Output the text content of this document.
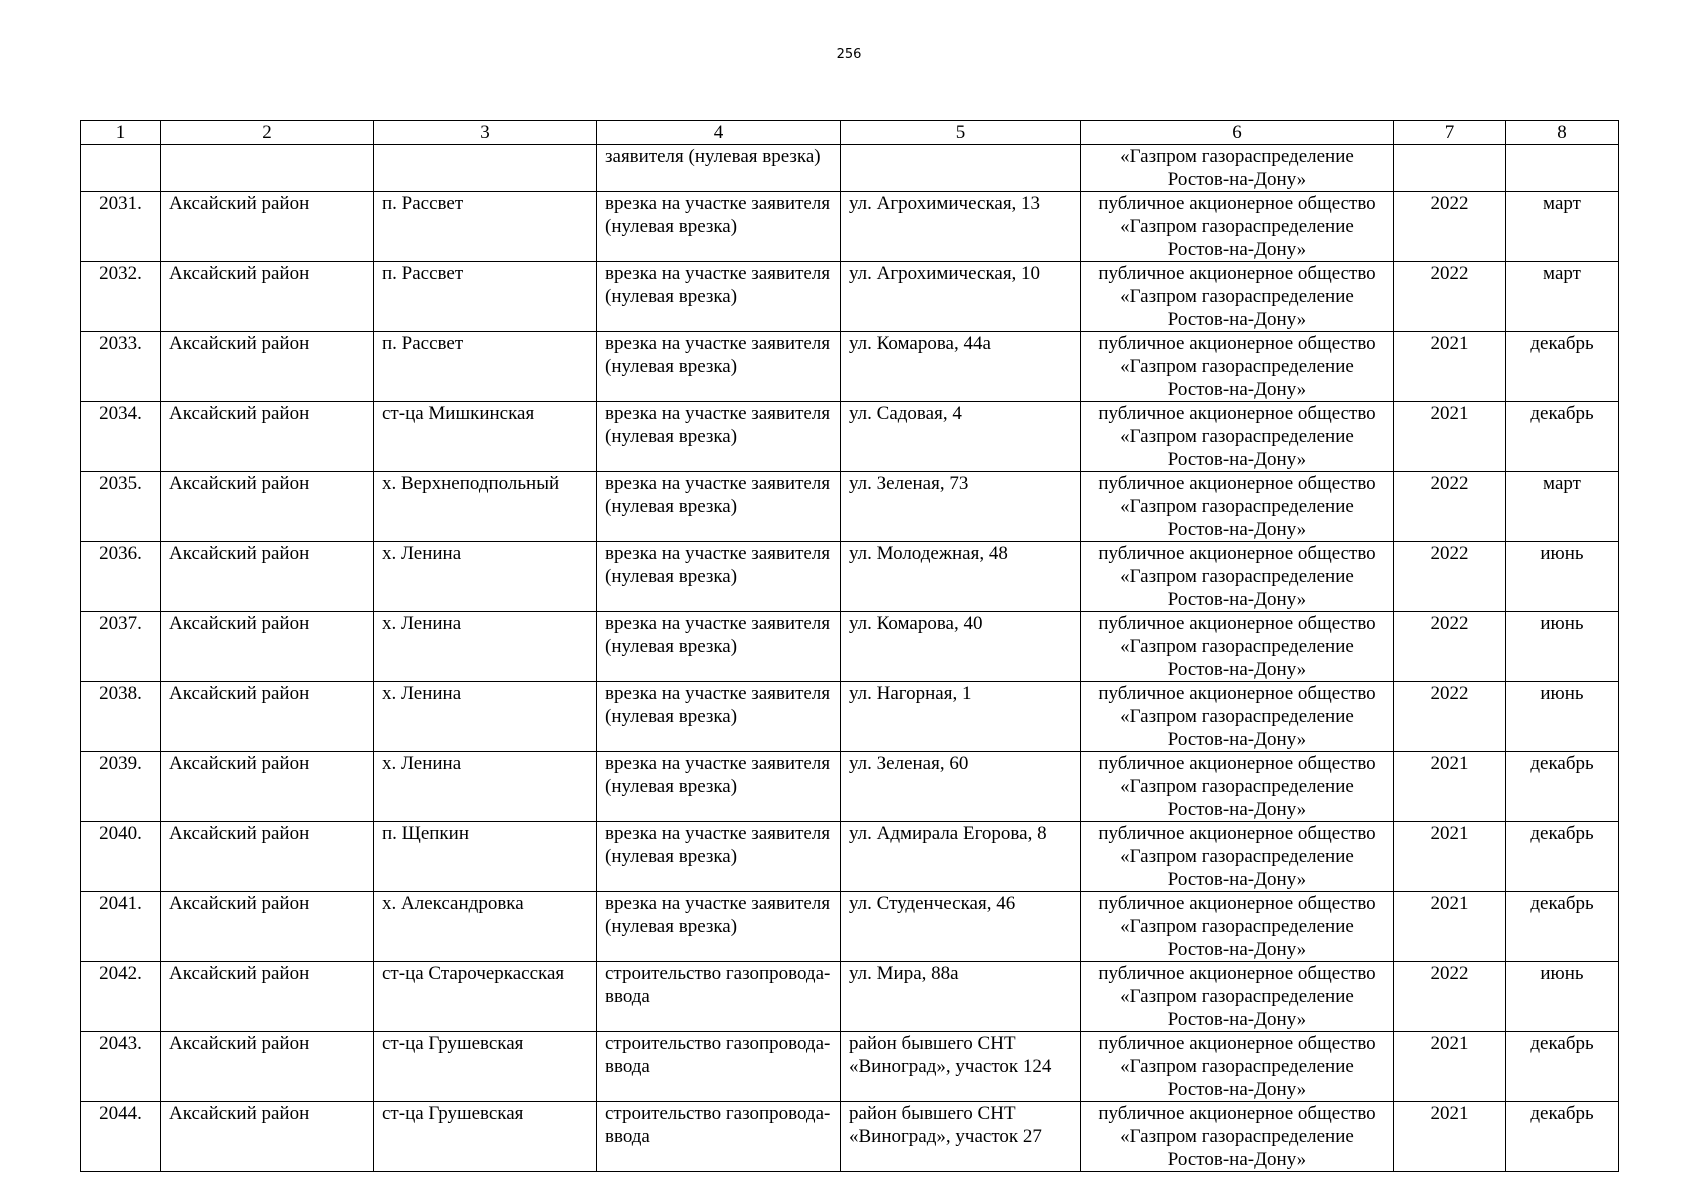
256
1	2	3	4	5	6	7	8
			заявителя (нулевая врезка)		«Газпром газораспределение Ростов-на-Дону»		
2031.	Аксайский район	п. Рассвет	врезка на участке заявителя (нулевая врезка)	ул. Агрохимическая, 13	публичное акционерное общество «Газпром газораспределение Ростов-на-Дону»	2022	март
2032.	Аксайский район	п. Рассвет	врезка на участке заявителя (нулевая врезка)	ул. Агрохимическая, 10	публичное акционерное общество «Газпром газораспределение Ростов-на-Дону»	2022	март
2033.	Аксайский район	п. Рассвет	врезка на участке заявителя (нулевая врезка)	ул. Комарова, 44а	публичное акционерное общество «Газпром газораспределение Ростов-на-Дону»	2021	декабрь
2034.	Аксайский район	ст-ца Мишкинская	врезка на участке заявителя (нулевая врезка)	ул. Садовая, 4	публичное акционерное общество «Газпром газораспределение Ростов-на-Дону»	2021	декабрь
2035.	Аксайский район	х. Верхнеподпольный	врезка на участке заявителя (нулевая врезка)	ул. Зеленая, 73	публичное акционерное общество «Газпром газораспределение Ростов-на-Дону»	2022	март
2036.	Аксайский район	х. Ленина	врезка на участке заявителя (нулевая врезка)	ул. Молодежная, 48	публичное акционерное общество «Газпром газораспределение Ростов-на-Дону»	2022	июнь
2037.	Аксайский район	х. Ленина	врезка на участке заявителя (нулевая врезка)	ул. Комарова, 40	публичное акционерное общество «Газпром газораспределение Ростов-на-Дону»	2022	июнь
2038.	Аксайский район	х. Ленина	врезка на участке заявителя (нулевая врезка)	ул. Нагорная, 1	публичное акционерное общество «Газпром газораспределение Ростов-на-Дону»	2022	июнь
2039.	Аксайский район	х. Ленина	врезка на участке заявителя (нулевая врезка)	ул. Зеленая, 60	публичное акционерное общество «Газпром газораспределение Ростов-на-Дону»	2021	декабрь
2040.	Аксайский район	п. Щепкин	врезка на участке заявителя (нулевая врезка)	ул. Адмирала Егорова, 8	публичное акционерное общество «Газпром газораспределение Ростов-на-Дону»	2021	декабрь
2041.	Аксайский район	х. Александровка	врезка на участке заявителя (нулевая врезка)	ул. Студенческая, 46	публичное акционерное общество «Газпром газораспределение Ростов-на-Дону»	2021	декабрь
2042.	Аксайский район	ст-ца Старочеркасская	строительство газопровода-ввода	ул. Мира, 88а	публичное акционерное общество «Газпром газораспределение Ростов-на-Дону»	2022	июнь
2043.	Аксайский район	ст-ца Грушевская	строительство газопровода-ввода	район бывшего СНТ «Виноград», участок 124	публичное акционерное общество «Газпром газораспределение Ростов-на-Дону»	2021	декабрь
2044.	Аксайский район	ст-ца Грушевская	строительство газопровода-ввода	район бывшего СНТ «Виноград», участок 27	публичное акционерное общество «Газпром газораспределение Ростов-на-Дону»	2021	декабрь
